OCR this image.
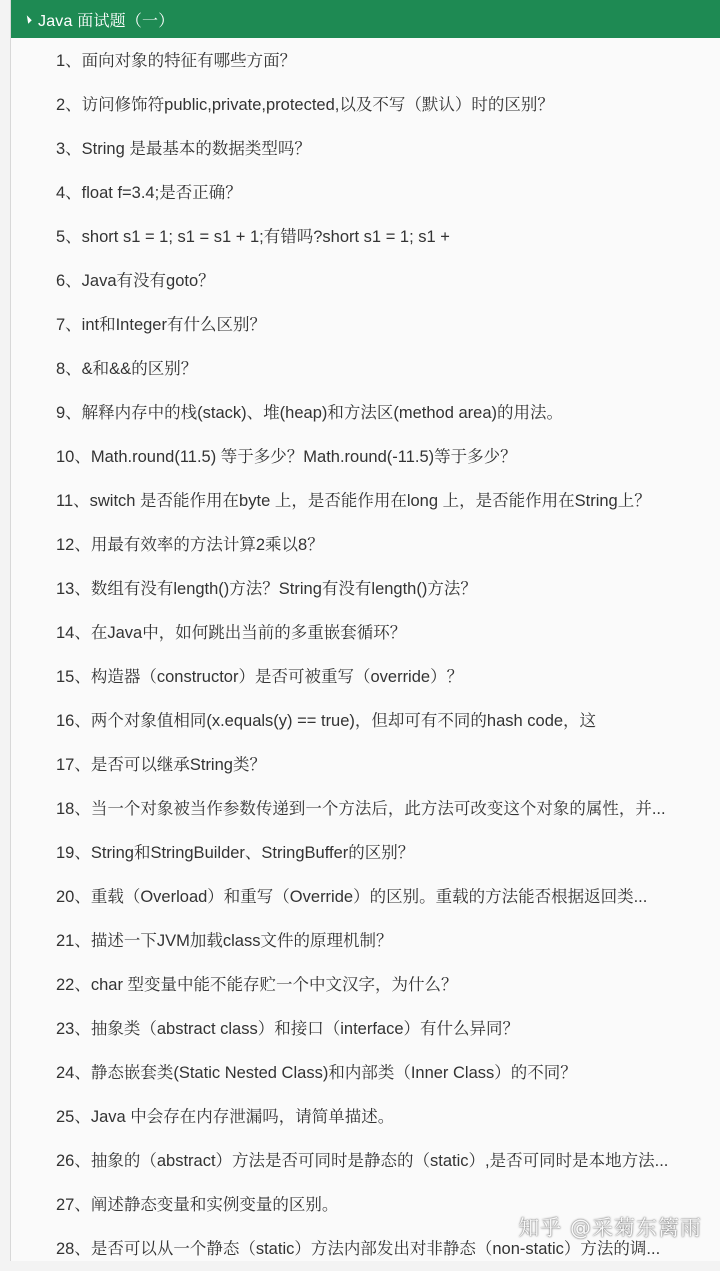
Java 面试题（一）
1、面向对象的特征有哪些方面？
2、访问修饰符public,private,protected,以及不写（默认）时的区别？
3、String 是最基本的数据类型吗？
4、float f=3.4;是否正确？
5、short s1 = 1; s1 = s1 + 1;有错吗?short s1 = 1; s1 +
6、Java有没有goto？
7、int和Integer有什么区别？
8、&和&&的区别？
9、解释内存中的栈(stack)、堆(heap)和方法区(method area)的用法。
10、Math.round(11.5) 等于多少？Math.round(-11.5)等于多少？
11、switch 是否能作用在byte 上，是否能作用在long 上，是否能作用在String上？
12、用最有效率的方法计算2乘以8？
13、数组有没有length()方法？String有没有length()方法？
14、在Java中，如何跳出当前的多重嵌套循环？
15、构造器（constructor）是否可被重写（override）？
16、两个对象值相同(x.equals(y) == true)，但却可有不同的hash code，这
17、是否可以继承String类？
18、当一个对象被当作参数传递到一个方法后，此方法可改变这个对象的属性，并...
19、String和StringBuilder、StringBuffer的区别？
20、重载（Overload）和重写（Override）的区别。重载的方法能否根据返回类...
21、描述一下JVM加载class文件的原理机制？
22、char 型变量中能不能存贮一个中文汉字，为什么？
23、抽象类（abstract class）和接口（interface）有什么异同？
24、静态嵌套类(Static Nested Class)和内部类（Inner Class）的不同？
25、Java 中会存在内存泄漏吗，请简单描述。
26、抽象的（abstract）方法是否可同时是静态的（static）,是否可同时是本地方法...
27、阐述静态变量和实例变量的区别。
28、是否可以从一个静态（static）方法内部发出对非静态（non-static）方法的调...
知乎 @采菊东篱雨
